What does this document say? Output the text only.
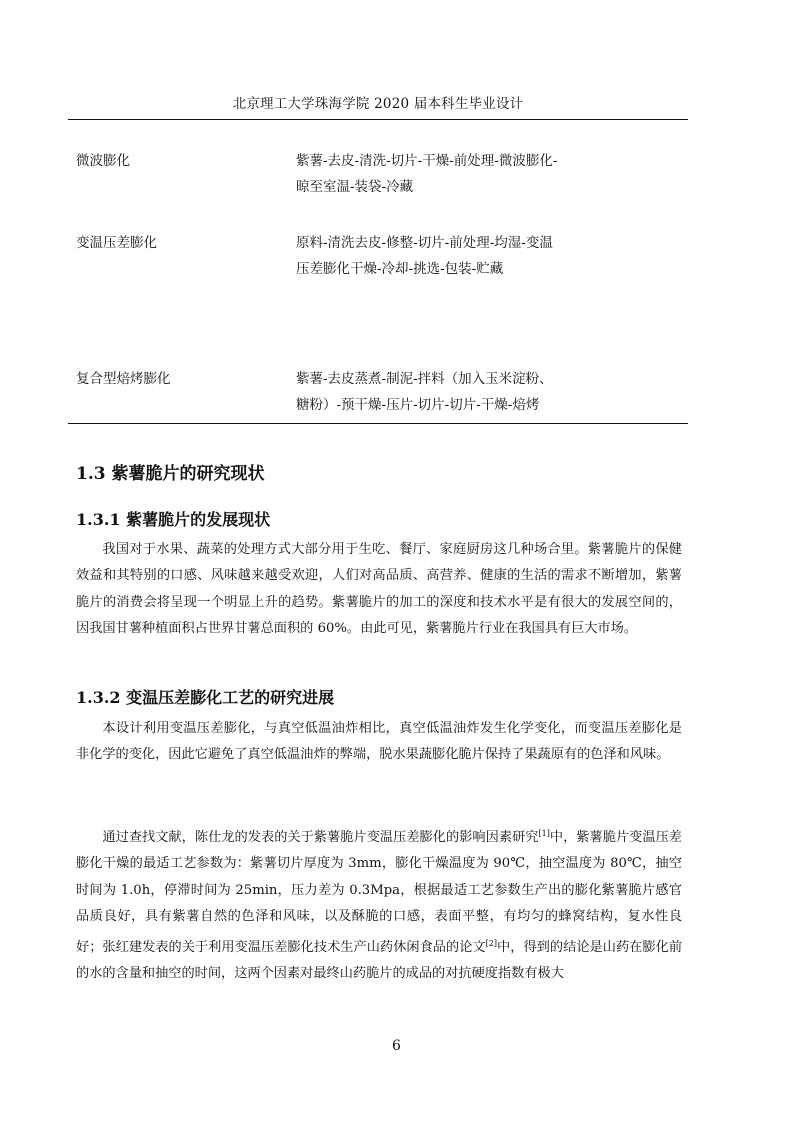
北京理工大学珠海学院 2020 届本科生毕业设计
微波膨化	紫薯-去皮-清洗-切片-干燥-前处理-微波膨化-晾至室温-装袋-冷藏
变温压差膨化	原料-清洗去皮-修整-切片-前处理-均湿-变温压差膨化干燥-冷却-挑选-包装-贮藏
复合型焙烤膨化	紫薯-去皮蒸煮-制泥-拌料（加入玉米淀粉、糖粉）-预干燥-压片-切片-切片-干燥-焙烤
1.3 紫薯脆片的研究现状
1.3.1 紫薯脆片的发展现状

我国对于水果、蔬菜的处理方式大部分用于生吃、餐厅、家庭厨房这几种场合里。紫薯脆片的保健效益和其特别的口感、风味越来越受欢迎，人们对高品质、高营养、健康的生活的需求不断增加，紫薯脆片的消费会将呈现一个明显上升的趋势。紫薯脆片的加工的深度和技术水平是有很大的发展空间的，因我国甘薯种植面积占世界甘薯总面积的 60%。由此可见，紫薯脆片行业在我国具有巨大市场。

1.3.2 变温压差膨化工艺的研究进展

本设计利用变温压差膨化，与真空低温油炸相比，真空低温油炸发生化学变化，而变温压差膨化是非化学的变化，因此它避免了真空低温油炸的弊端，脱水果蔬膨化脆片保持了果蔬原有的色泽和风味。

通过查找文献，陈仕龙的发表的关于紫薯脆片变温压差膨化的影响因素研究[1]中，紫薯脆片变温压差膨化干燥的最适工艺参数为：紫薯切片厚度为 3mm，膨化干燥温度为 90℃，抽空温度为 80℃，抽空时间为 1.0h，停滞时间为 25min，压力差为 0.3Mpa，根据最适工艺参数生产出的膨化紫薯脆片感官品质良好，具有紫薯自然的色泽和风味，以及酥脆的口感，表面平整，有均匀的蜂窝结构，复水性良好；张红建发表的关于利用变温压差膨化技术生产山药休闲食品的论文[2]中，得到的结论是山药在膨化前的水的含量和抽空的时间，这两个因素对最终山药脆片的成品的对抗硬度指数有极大

6
